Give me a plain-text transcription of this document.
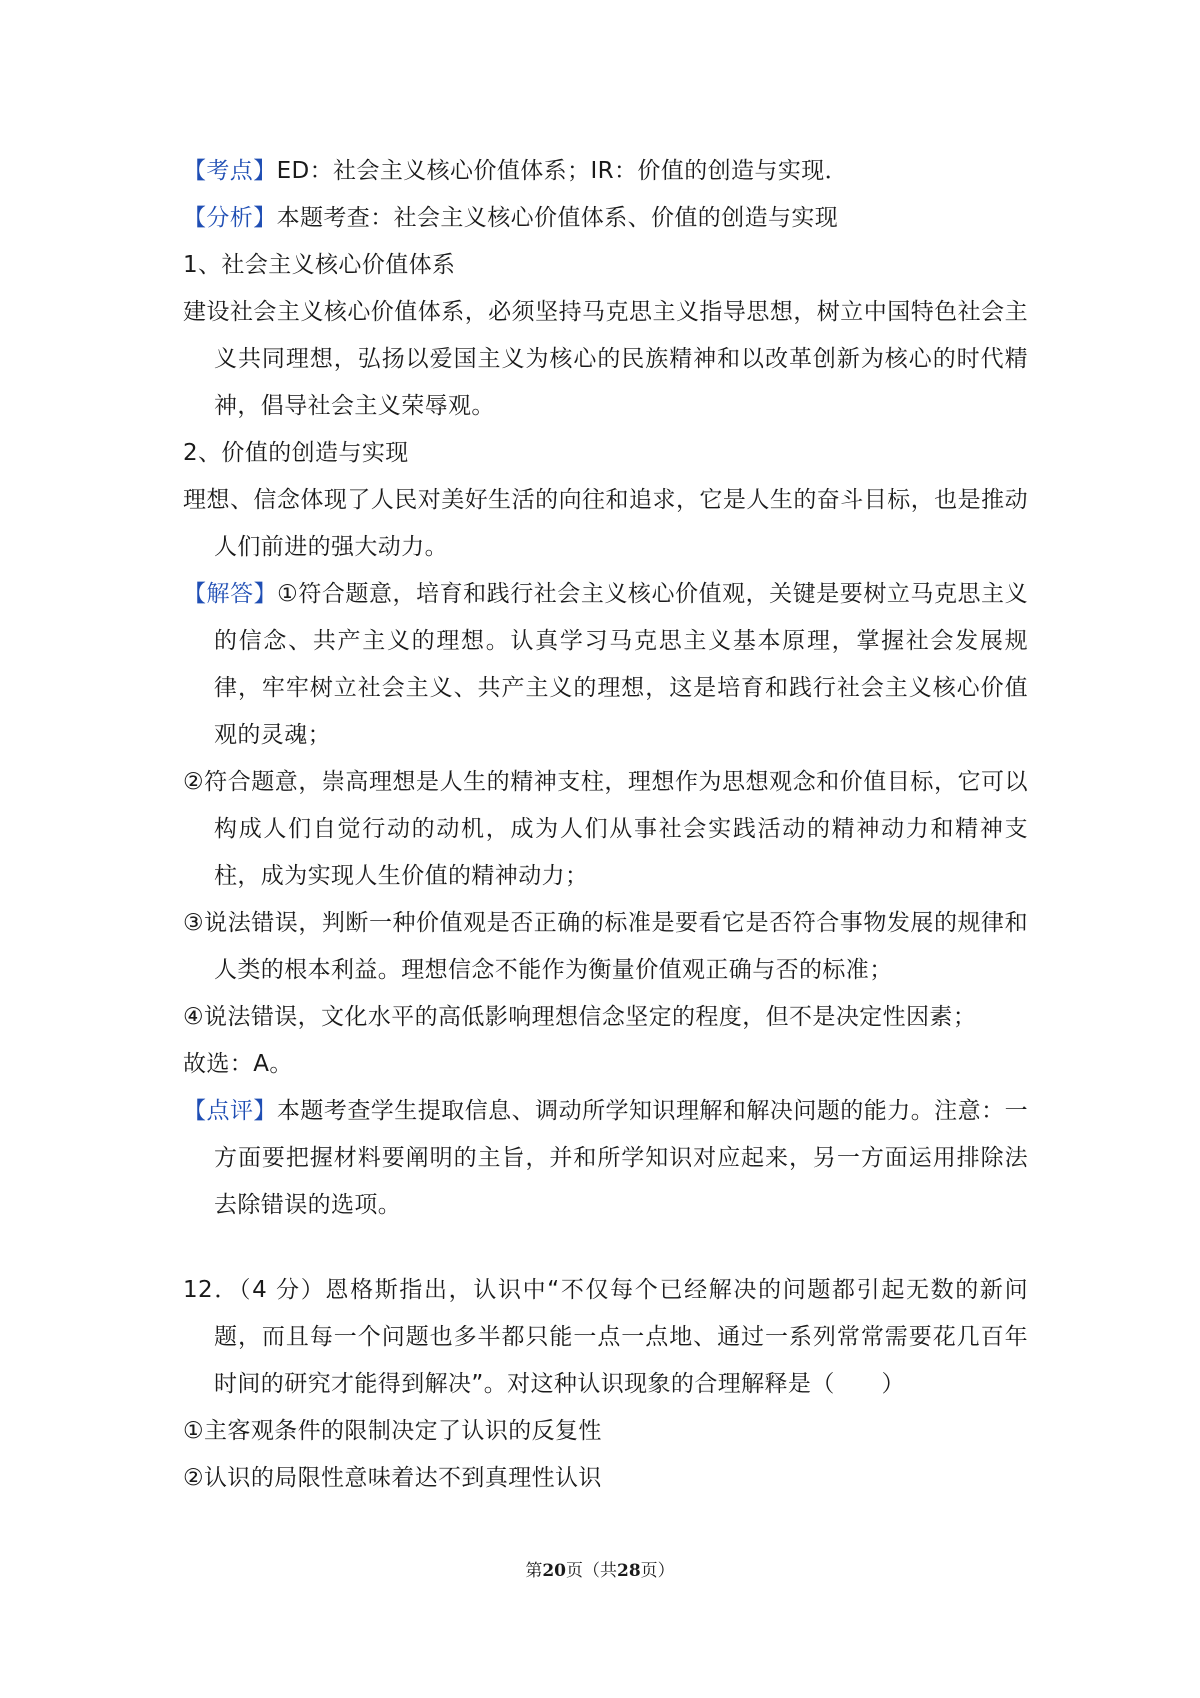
【考点】ED：社会主义核心价值体系；IR：价值的创造与实现．

【分析】本题考查：社会主义核心价值体系、价值的创造与实现

1、社会主义核心价值体系

建设社会主义核心价值体系，必须坚持马克思主义指导思想，树立中国特色社会主义共同理想，弘扬以爱国主义为核心的民族精神和以改革创新为核心的时代精神，倡导社会主义荣辱观。

2、价值的创造与实现

理想、信念体现了人民对美好生活的向往和追求，它是人生的奋斗目标，也是推动人们前进的强大动力。

【解答】①符合题意，培育和践行社会主义核心价值观，关键是要树立马克思主义的信念、共产主义的理想。认真学习马克思主义基本原理，掌握社会发展规律，牢牢树立社会主义、共产主义的理想，这是培育和践行社会主义核心价值观的灵魂；

②符合题意，崇高理想是人生的精神支柱，理想作为思想观念和价值目标，它可以构成人们自觉行动的动机，成为人们从事社会实践活动的精神动力和精神支柱，成为实现人生价值的精神动力；

③说法错误，判断一种价值观是否正确的标准是要看它是否符合事物发展的规律和人类的根本利益。理想信念不能作为衡量价值观正确与否的标准；

④说法错误，文化水平的高低影响理想信念坚定的程度，但不是决定性因素；

故选：A。

【点评】本题考查学生提取信息、调动所学知识理解和解决问题的能力。注意：一方面要把握材料要阐明的主旨，并和所学知识对应起来，另一方面运用排除法去除错误的选项。

12．（4 分）恩格斯指出，认识中“不仅每个已经解决的问题都引起无数的新问题，而且每一个问题也多半都只能一点一点地、通过一系列常常需要花几百年时间的研究才能得到解决”。对这种认识现象的合理解释是（　　）

①主客观条件的限制决定了认识的反复性

②认识的局限性意味着达不到真理性认识

第20页（共28页）
